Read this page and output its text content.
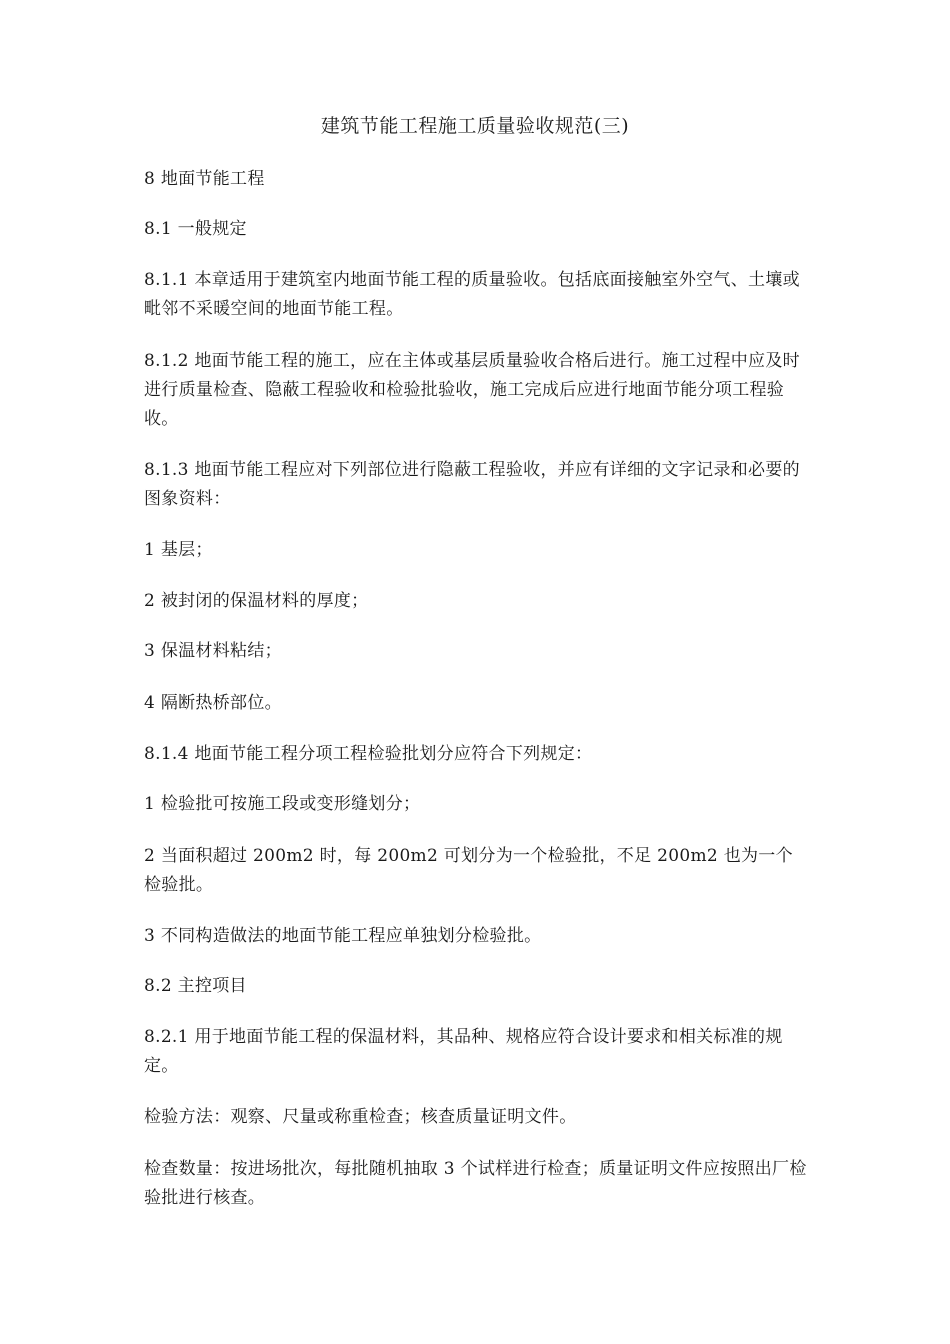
建筑节能工程施工质量验收规范(三)

8 地面节能工程

8.1 一般规定

8.1.1 本章适用于建筑室内地面节能工程的质量验收。包括底面接触室外空气、土壤或毗邻不采暖空间的地面节能工程。

8.1.2 地面节能工程的施工，应在主体或基层质量验收合格后进行。施工过程中应及时进行质量检查、隐蔽工程验收和检验批验收，施工完成后应进行地面节能分项工程验收。

8.1.3 地面节能工程应对下列部位进行隐蔽工程验收，并应有详细的文字记录和必要的图象资料：

1 基层；

2 被封闭的保温材料的厚度；

3 保温材料粘结；

4 隔断热桥部位。

8.1.4 地面节能工程分项工程检验批划分应符合下列规定：

1 检验批可按施工段或变形缝划分；

2 当面积超过 200m2 时，每 200m2 可划分为一个检验批，不足 200m2 也为一个检验批。

3 不同构造做法的地面节能工程应单独划分检验批。

8.2 主控项目

8.2.1 用于地面节能工程的保温材料，其品种、规格应符合设计要求和相关标准的规定。

检验方法：观察、尺量或称重检查；核查质量证明文件。

检查数量：按进场批次，每批随机抽取 3 个试样进行检查；质量证明文件应按照出厂检验批进行核查。
